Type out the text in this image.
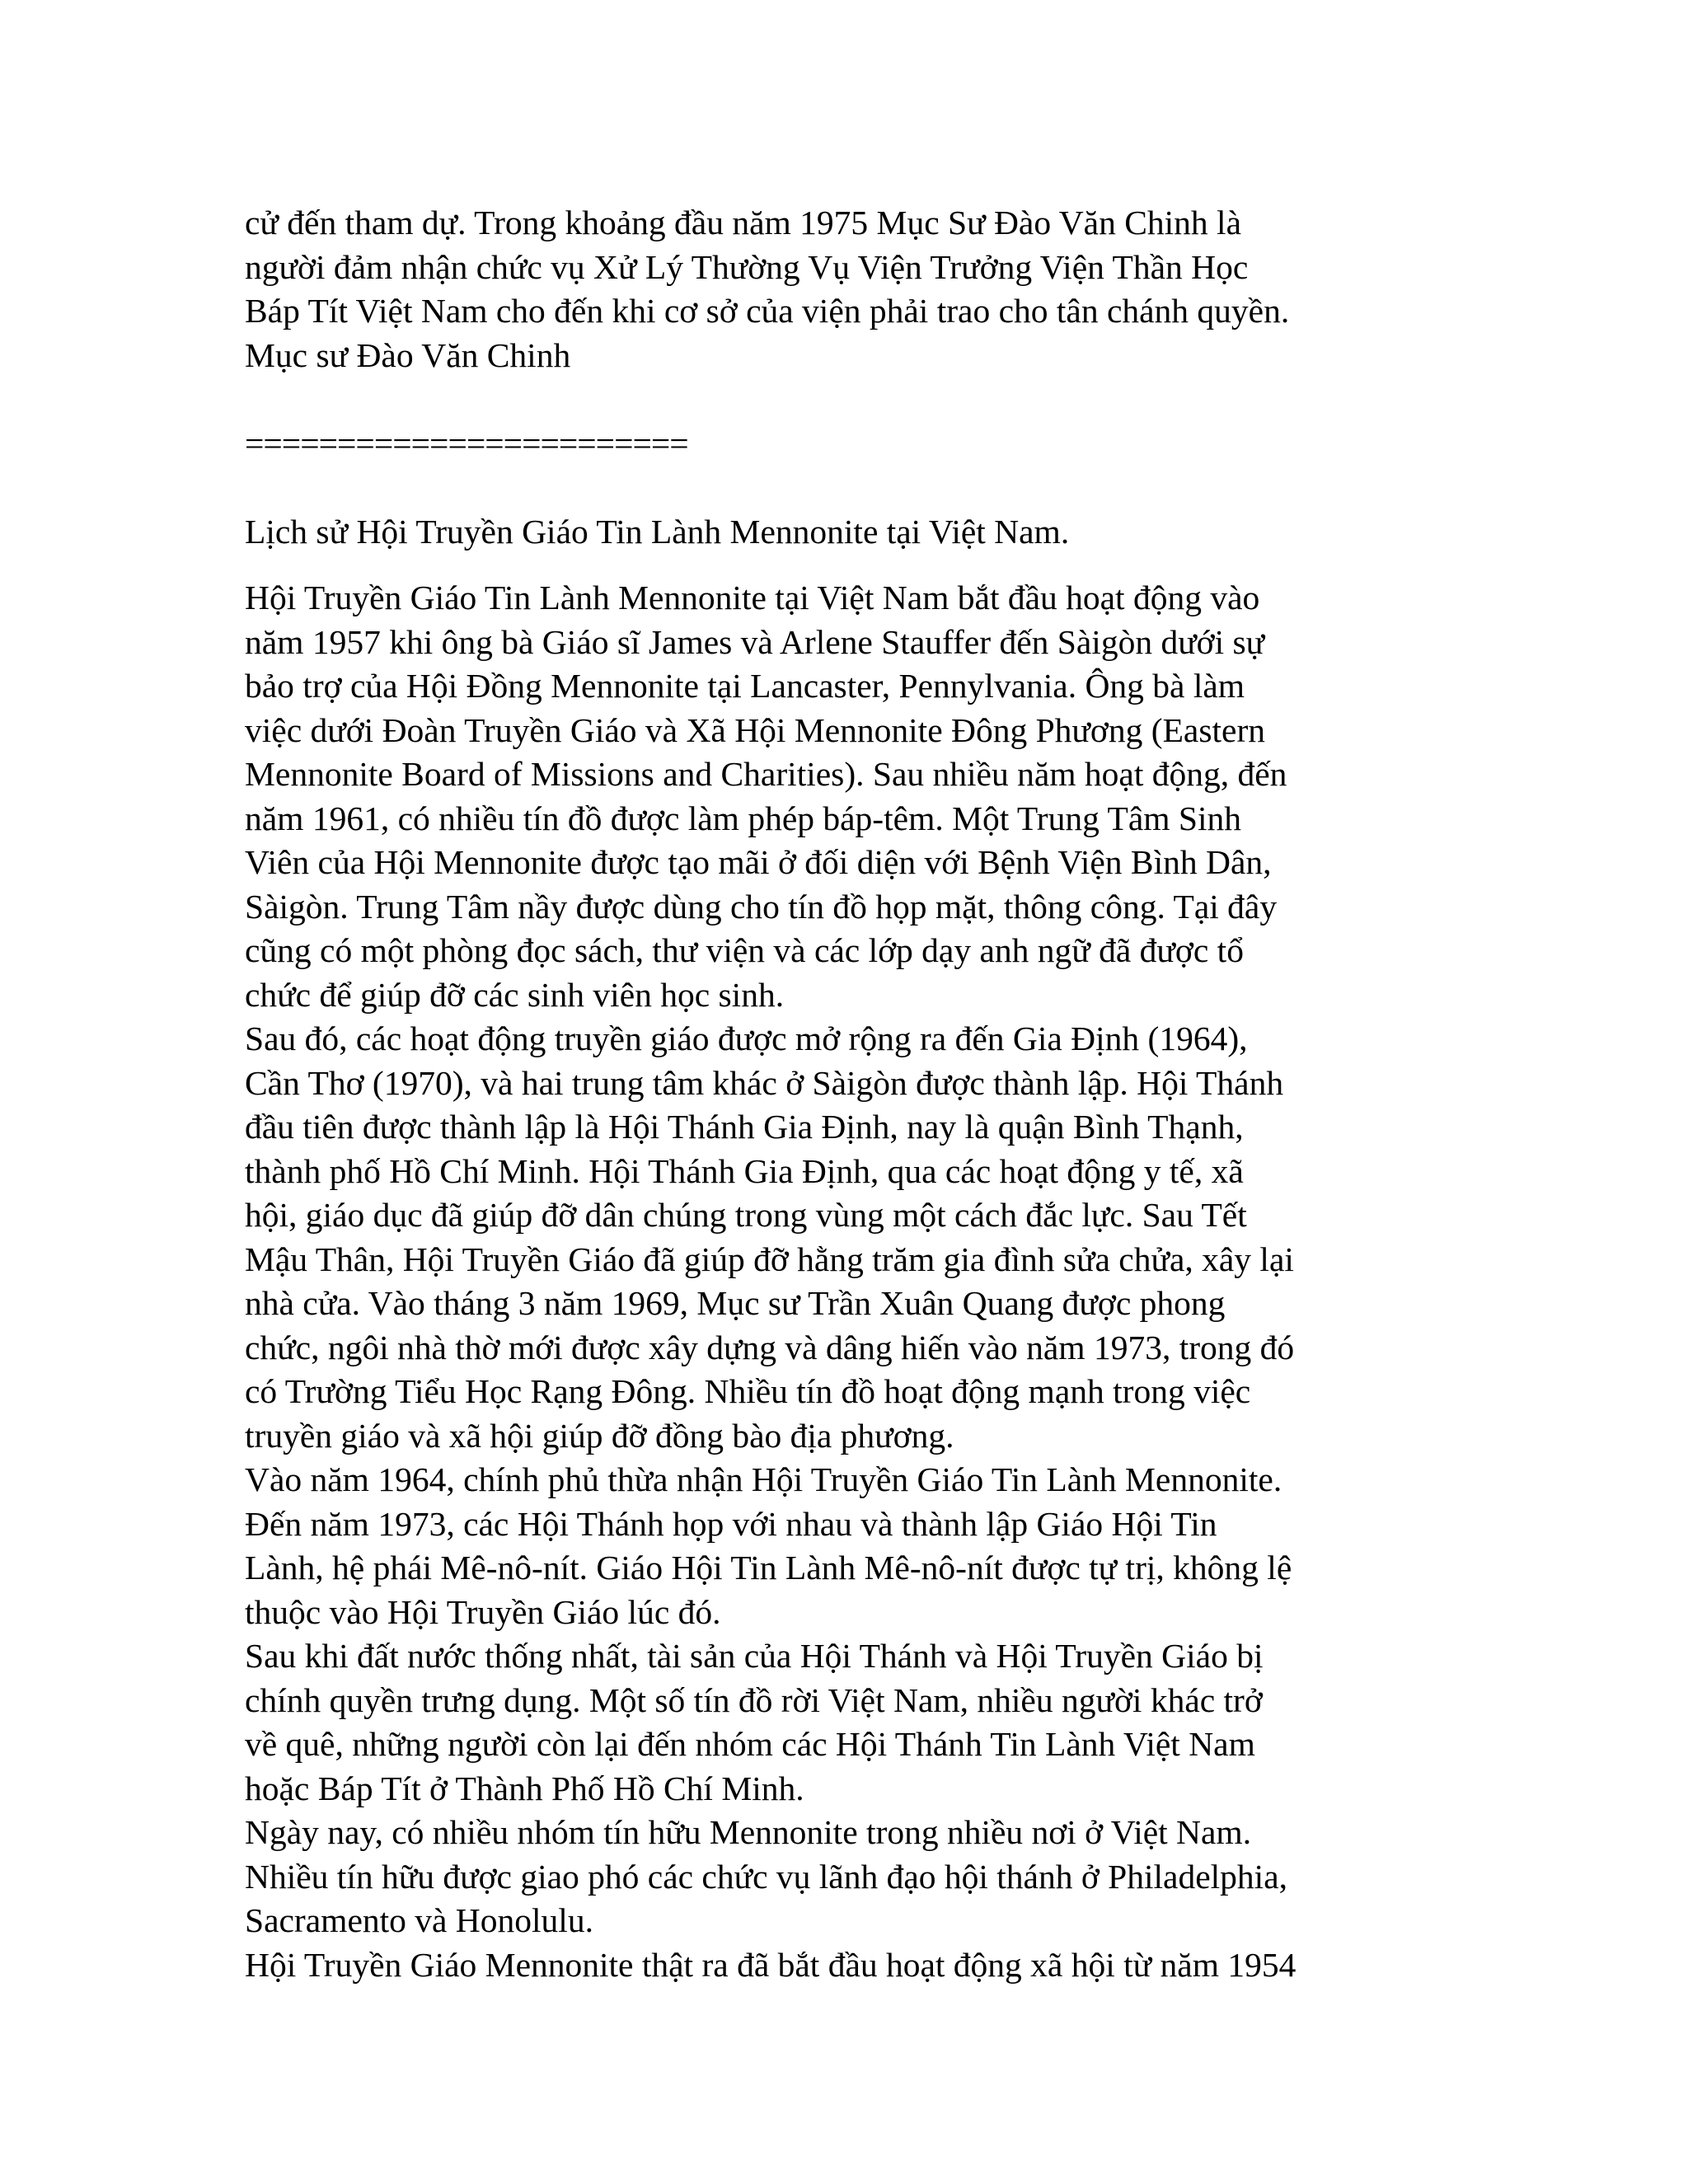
cử đến tham dự. Trong khoảng đầu năm 1975 Mục Sư Đào Văn Chinh là
người đảm nhận chức vụ Xử Lý Thường Vụ Viện Trưởng Viện Thần Học
Báp Tít Việt Nam cho đến khi cơ sở của viện phải trao cho tân chánh quyền.
Mục sư Đào Văn Chinh
========================
Lịch sử Hội Truyền Giáo Tin Lành Mennonite tại Việt Nam.
Hội Truyền Giáo Tin Lành Mennonite tại Việt Nam bắt đầu hoạt động vào
năm 1957 khi ông bà Giáo sĩ James và Arlene Stauffer đến Sàigòn dưới sự
bảo trợ của Hội Đồng Mennonite tại Lancaster, Pennylvania. Ông bà làm
việc dưới Đoàn Truyền Giáo và Xã Hội Mennonite Đông Phương (Eastern
Mennonite Board of Missions and Charities). Sau nhiều năm hoạt động, đến
năm 1961, có nhiều tín đồ được làm phép báp-têm. Một Trung Tâm Sinh
Viên của Hội Mennonite được tạo mãi ở đối diện với Bệnh Viện Bình Dân,
Sàigòn. Trung Tâm nầy được dùng cho tín đồ họp mặt, thông công. Tại đây
cũng có một phòng đọc sách, thư viện và các lớp dạy anh ngữ đã được tổ
chức để giúp đỡ các sinh viên học sinh.
Sau đó, các hoạt động truyền giáo được mở rộng ra đến Gia Định (1964),
Cần Thơ (1970), và hai trung tâm khác ở Sàigòn được thành lập. Hội Thánh
đầu tiên được thành lập là Hội Thánh Gia Định, nay là quận Bình Thạnh,
thành phố Hồ Chí Minh. Hội Thánh Gia Định, qua các hoạt động y tế, xã
hội, giáo dục đã giúp đỡ dân chúng trong vùng một cách đắc lực. Sau Tết
Mậu Thân, Hội Truyền Giáo đã giúp đỡ hằng trăm gia đình sửa chửa, xây lại
nhà cửa. Vào tháng 3 năm 1969, Mục sư Trần Xuân Quang được phong
chức, ngôi nhà thờ mới được xây dựng và dâng hiến vào năm 1973, trong đó
có Trường Tiểu Học Rạng Đông. Nhiều tín đồ hoạt động mạnh trong việc
truyền giáo và xã hội giúp đỡ đồng bào địa phương.
Vào năm 1964, chính phủ thừa nhận Hội Truyền Giáo Tin Lành Mennonite.
Đến năm 1973, các Hội Thánh họp với nhau và thành lập Giáo Hội Tin
Lành, hệ phái Mê-nô-nít. Giáo Hội Tin Lành Mê-nô-nít được tự trị, không lệ
thuộc vào Hội Truyền Giáo lúc đó.
Sau khi đất nước thống nhất, tài sản của Hội Thánh và Hội Truyền Giáo bị
chính quyền trưng dụng. Một số tín đồ rời Việt Nam, nhiều người khác trở
về quê, những người còn lại đến nhóm các Hội Thánh Tin Lành Việt Nam
hoặc Báp Tít ở Thành Phố Hồ Chí Minh.
Ngày nay, có nhiều nhóm tín hữu Mennonite trong nhiều nơi ở Việt Nam.
Nhiều tín hữu được giao phó các chức vụ lãnh đạo hội thánh ở Philadelphia,
Sacramento và Honolulu.
Hội Truyền Giáo Mennonite thật ra đã bắt đầu hoạt động xã hội từ năm 1954
